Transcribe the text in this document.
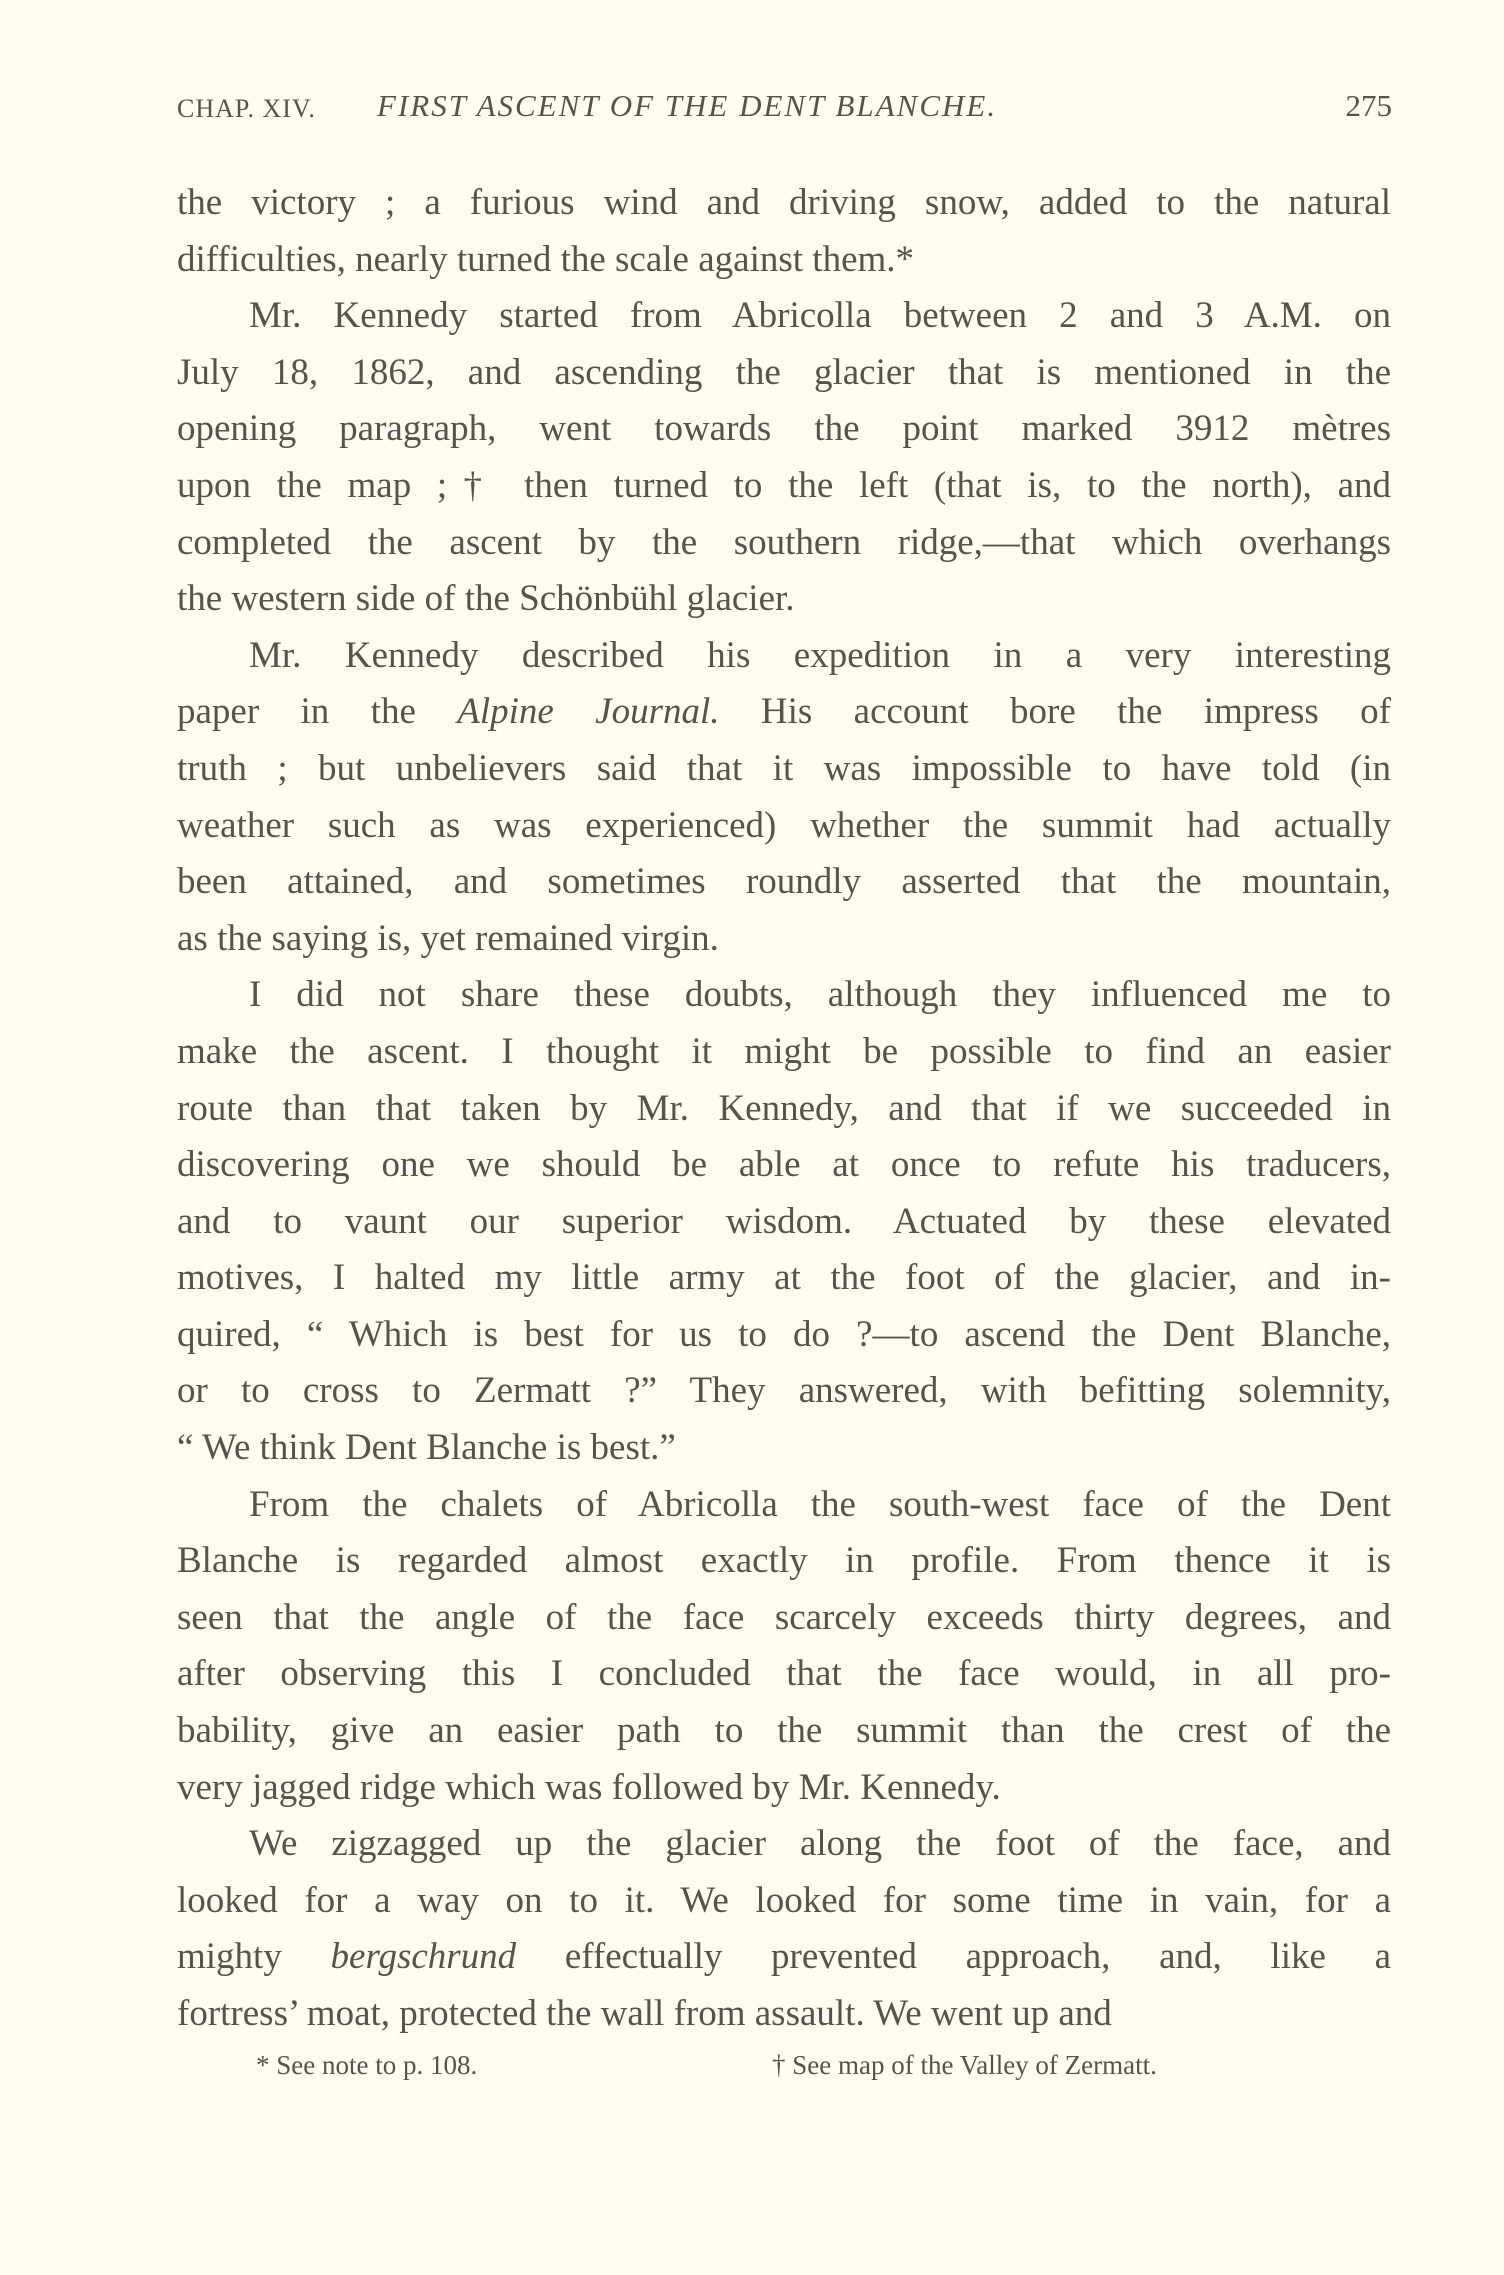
CHAP. XIV. FIRST ASCENT OF THE DENT BLANCHE.	275
the victory ; a furious wind and driving snow, added to the natural
difficulties, nearly turned the scale against them.*
Mr. Kennedy started from Abricolla between 2 and 3 A.M. on
July 18, 1862, and ascending the glacier that is mentioned in the
opening paragraph, went towards the point marked 3912 mètres
upon the map ;† then turned to the left (that is, to the north), and
completed the ascent by the southern ridge,—that which overhangs
the western side of the Schönbühl glacier.
Mr. Kennedy described his expedition in a very interesting
paper in the Alpine Journal. His account bore the impress of
truth ; but unbelievers said that it was impossible to have told (in
weather such as was experienced) whether the summit had actually
been attained, and sometimes roundly asserted that the mountain,
as the saying is, yet remained virgin.
I did not share these doubts, although they influenced me to
make the ascent. I thought it might be possible to find an easier
route than that taken by Mr. Kennedy, and that if we succeeded in
discovering one we should be able at once to refute his traducers,
and to vaunt our superior wisdom. Actuated by these elevated
motives, I halted my little army at the foot of the glacier, and in-
quired, “ Which is best for us to do ?—to ascend the Dent Blanche,
or to cross to Zermatt ?” They answered, with befitting solemnity,
“ We think Dent Blanche is best.”
From the chalets of Abricolla the south-west face of the Dent
Blanche is regarded almost exactly in profile. From thence it is
seen that the angle of the face scarcely exceeds thirty degrees, and
after observing this I concluded that the face would, in all pro-
bability, give an easier path to the summit than the crest of the
very jagged ridge which was followed by Mr. Kennedy.
We zigzagged up the glacier along the foot of the face, and
looked for a way on to it. We looked for some time in vain, for a
mighty bergschrund effectually prevented approach, and, like a
fortress’ moat, protected the wall from assault. We went up and
* See note to p. 108.	† See map of the Valley of Zermatt.
